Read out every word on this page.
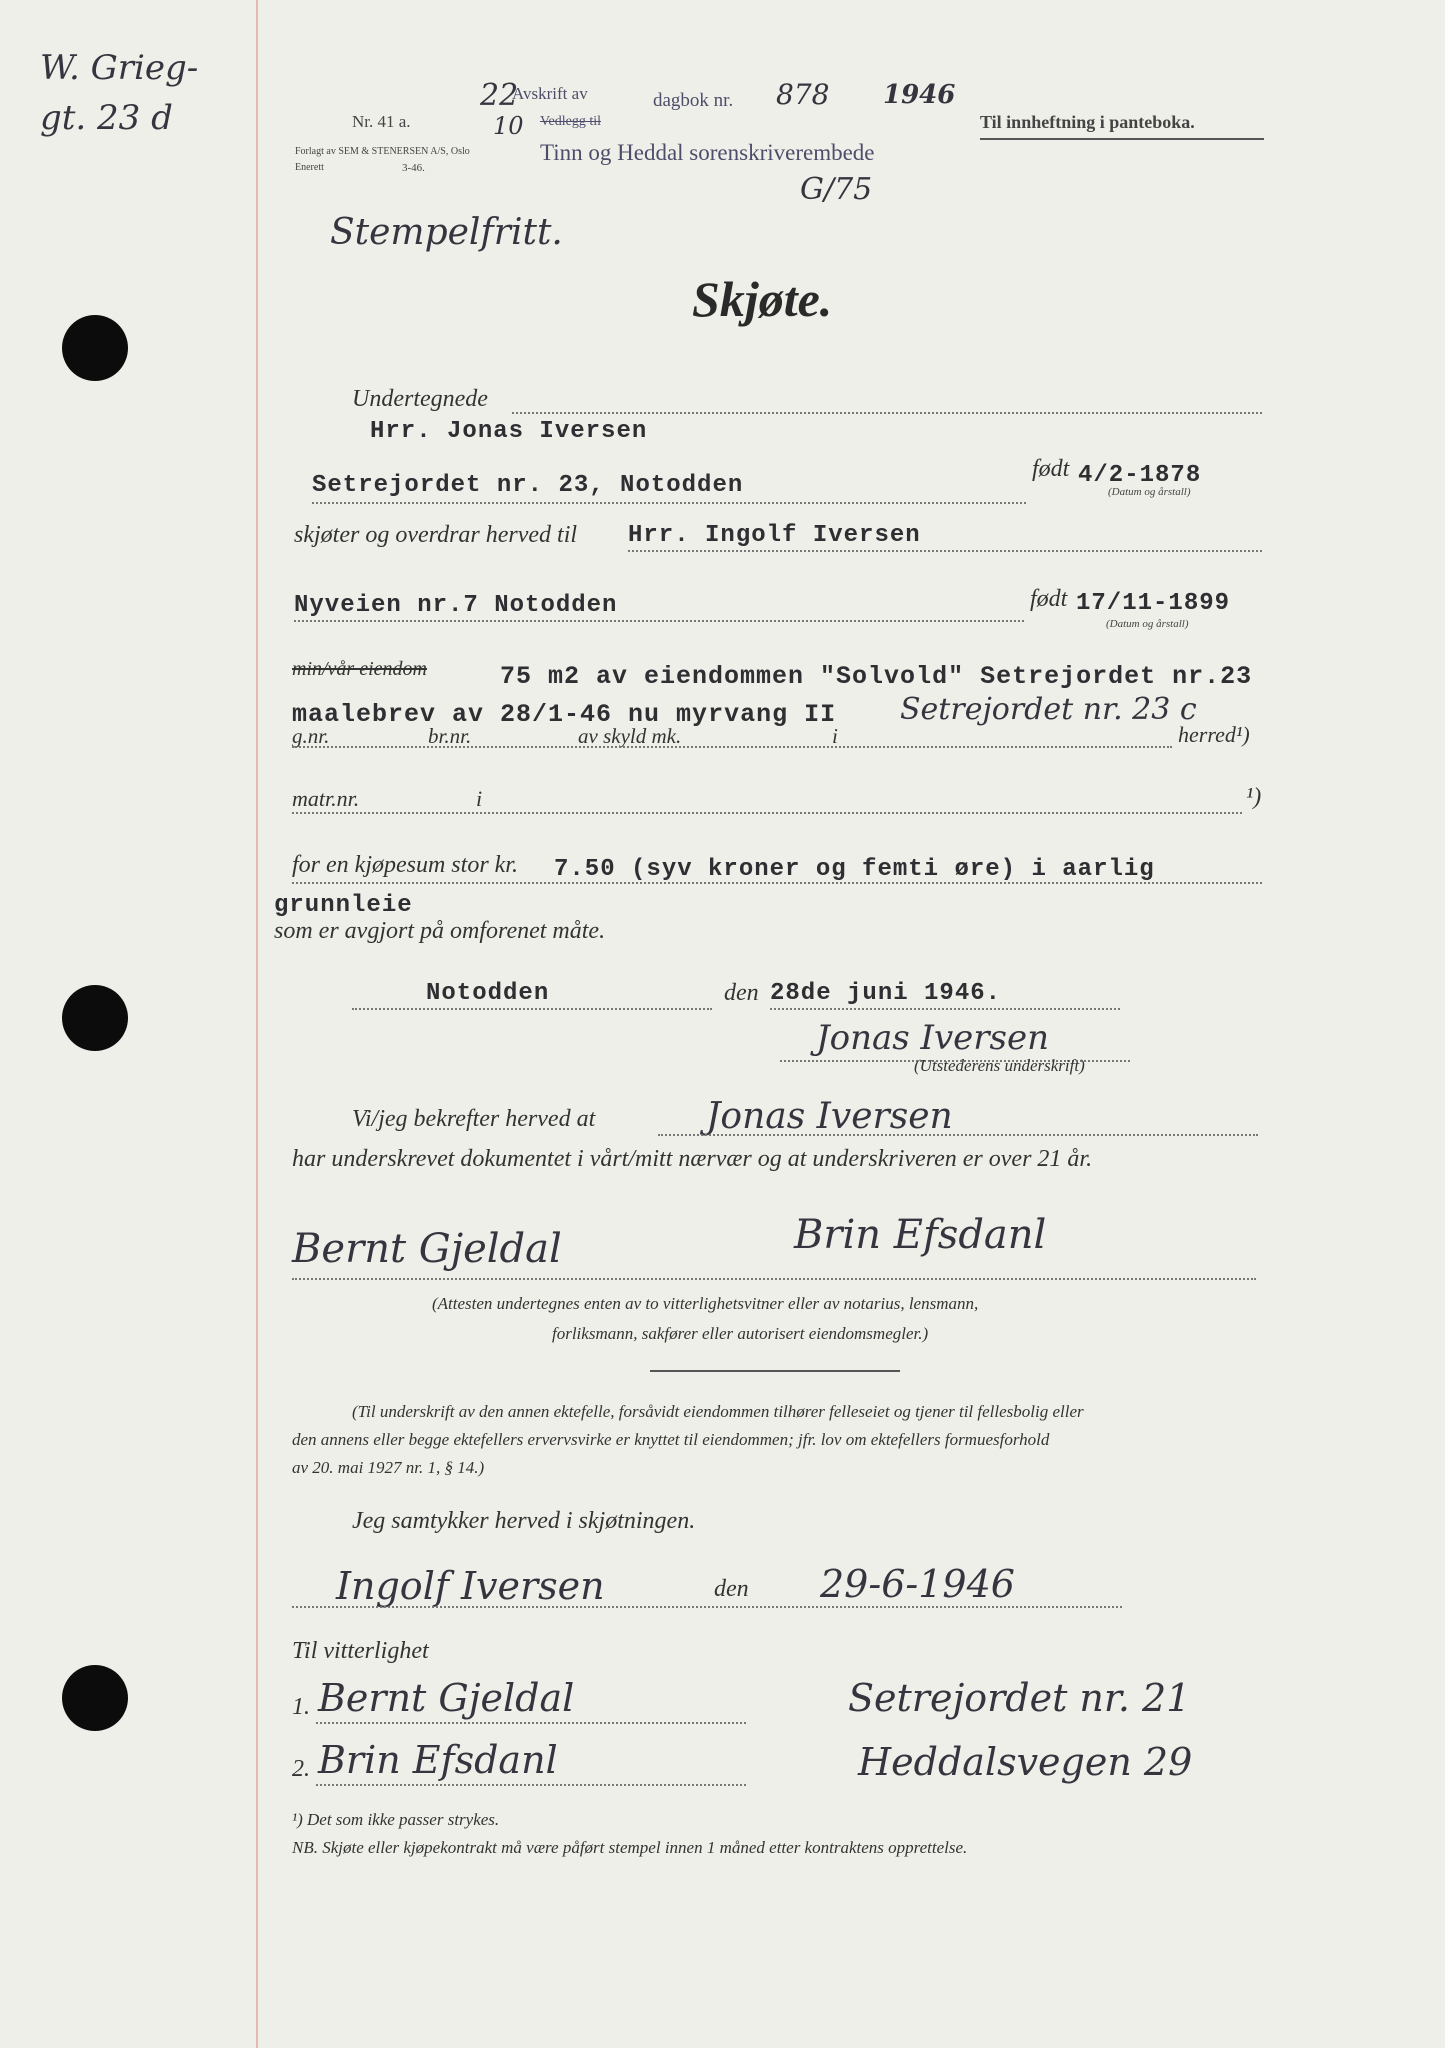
W. Grieg-
gt. 23 d	Nr. 41 a.
Forlagt av SEM & STENERSEN A/S, Oslo
Enerett	3-46.
22
10
Avskrift av
Vedlegg til
dagbok nr. 878 1946
Tinn og Heddal sorenskriverembede
G/75
Til innheftning i panteboka.
Stempelfritt.
Skjøte.
Undertegnede
Hrr. Jonas Iversen
Setrejordet nr. 23, Notodden
født 4/2-1878
(Datum og årstall)
skjøter og overdrar herved til Hrr. Ingolf Iversen
Nyveien nr.7 Notodden	født 17/11-1899
(Datum og årstall)
min/vår eiendom	75 m2 av eiendommen "Solvold" Setrejordet nr.23
maalebrev av 28/1-46 nu myrvang II Setrejordet nr. 23 c
g.nr.	br.nr.	av skyld mk.	i	herred¹)
matr.nr.	i	¹)
for en kjøpesum stor kr. 7.50 (syv kroner og femti øre) i aarlig
grunnleie
som er avgjort på omforenet måte.
Notodden	den 28de juni 1946.
Jonas Iversen
(Utstederens underskrift)
Vi/jeg bekrefter herved at	Jonas Iversen
har underskrevet dokumentet i vårt/mitt nærvær og at underskriveren er over 21 år.
Bernt Gjeldal	Brin Efsdanl
(Attesten undertegnes enten av to vitterlighetsvitner eller av notarius, lensmann,
forliksmann, sakfører eller autorisert eiendomsmegler.)
(Til underskrift av den annen ektefelle, forsåvidt eiendommen tilhører felleseiet og tjener til fellesbolig eller
den annens eller begge ektefellers ervervsvirke er knyttet til eiendommen; jfr. lov om ektefellers formuesforhold
av 20. mai 1927 nr. 1, § 14.)
Jeg samtykker herved i skjøtningen.
Ingolf Iversen	den 29-6-1946
Til vitterlighet
1. Bernt Gjeldal	Setrejordet nr. 21
2. Brin Efsdanl	Heddalsvegen 29
¹) Det som ikke passer strykes.
NB. Skjøte eller kjøpekontrakt må være påført stempel innen 1 måned etter kontraktens opprettelse.
